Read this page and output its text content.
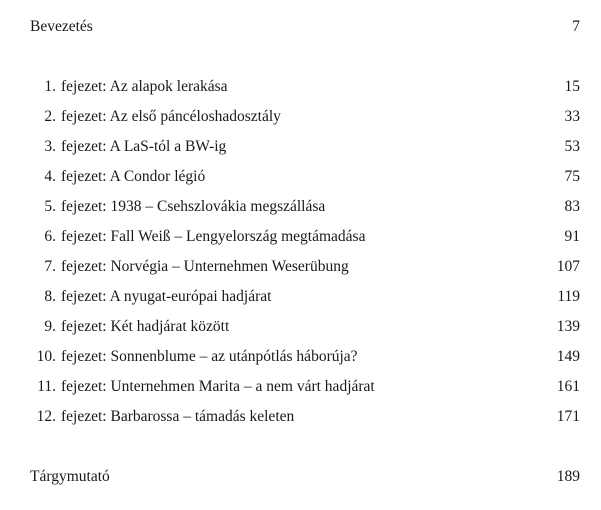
Bevezetés	7
1. fejezet: Az alapok lerakása	15
2. fejezet: Az első páncéloshadosztály	33
3. fejezet: A LaS-tól a BW-ig	53
4. fejezet: A Condor légió	75
5. fejezet: 1938 – Csehszlovákia megszállása	83
6. fejezet: Fall Weiß – Lengyelország megtámadása	91
7. fejezet: Norvégia – Unternehmen Weserübung	107
8. fejezet: A nyugat-európai hadjárat	119
9. fejezet: Két hadjárat között	139
10. fejezet: Sonnenblume – az utánpótlás háborúja?	149
11. fejezet: Unternehmen Marita – a nem várt hadjárat	161
12. fejezet: Barbarossa – támadás keleten	171
Tárgymutató	189
